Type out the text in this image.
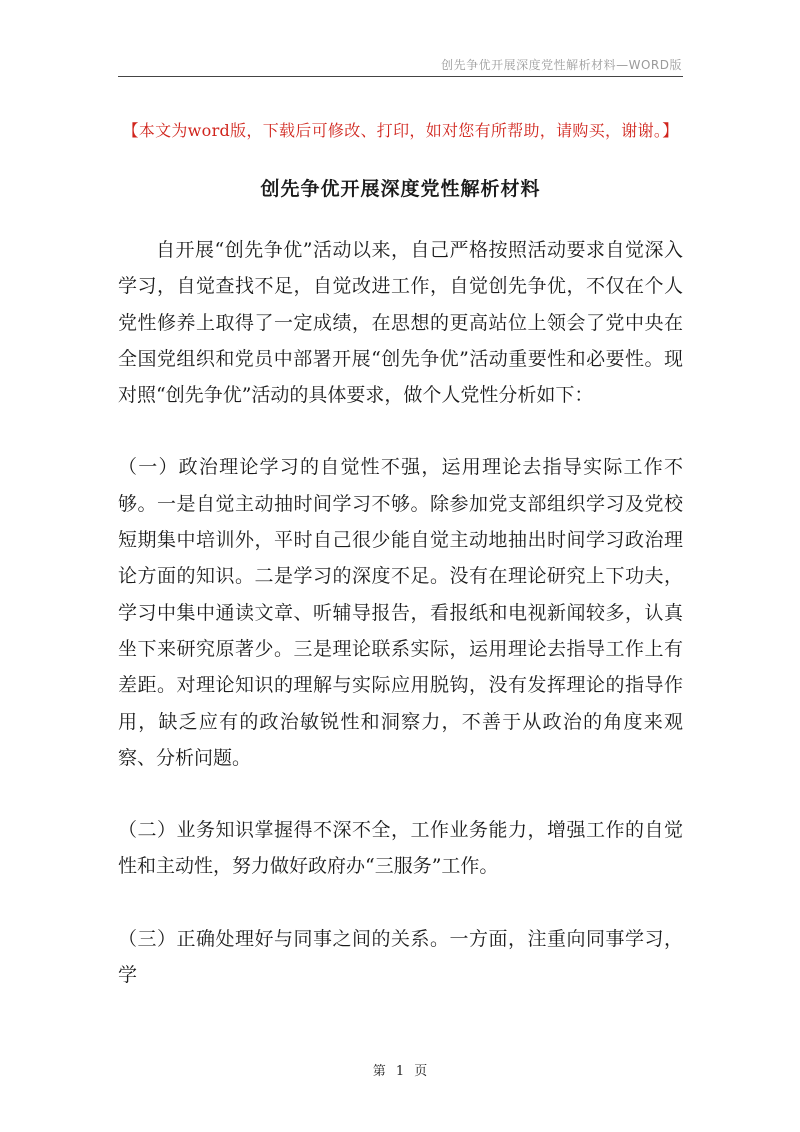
创先争优开展深度党性解析材料—WORD版
【本文为word版，下载后可修改、打印，如对您有所帮助，请购买，谢谢。】
创先争优开展深度党性解析材料

自开展“创先争优”活动以来，自己严格按照活动要求自觉深入学习，自觉查找不足，自觉改进工作，自觉创先争优，不仅在个人党性修养上取得了一定成绩，在思想的更高站位上领会了党中央在全国党组织和党员中部署开展“创先争优”活动重要性和必要性。现对照“创先争优”活动的具体要求，做个人党性分析如下：

（一）政治理论学习的自觉性不强，运用理论去指导实际工作不够。一是自觉主动抽时间学习不够。除参加党支部组织学习及党校短期集中培训外，平时自己很少能自觉主动地抽出时间学习政治理论方面的知识。二是学习的深度不足。没有在理论研究上下功夫，学习中集中通读文章、听辅导报告，看报纸和电视新闻较多，认真坐下来研究原著少。三是理论联系实际，运用理论去指导工作上有差距。对理论知识的理解与实际应用脱钩，没有发挥理论的指导作用，缺乏应有的政治敏锐性和洞察力，不善于从政治的角度来观察、分析问题。

（二）业务知识掌握得不深不全，工作业务能力，增强工作的自觉性和主动性，努力做好政府办“三服务”工作。

（三）正确处理好与同事之间的关系。一方面，注重向同事学习，学

第 1 页
